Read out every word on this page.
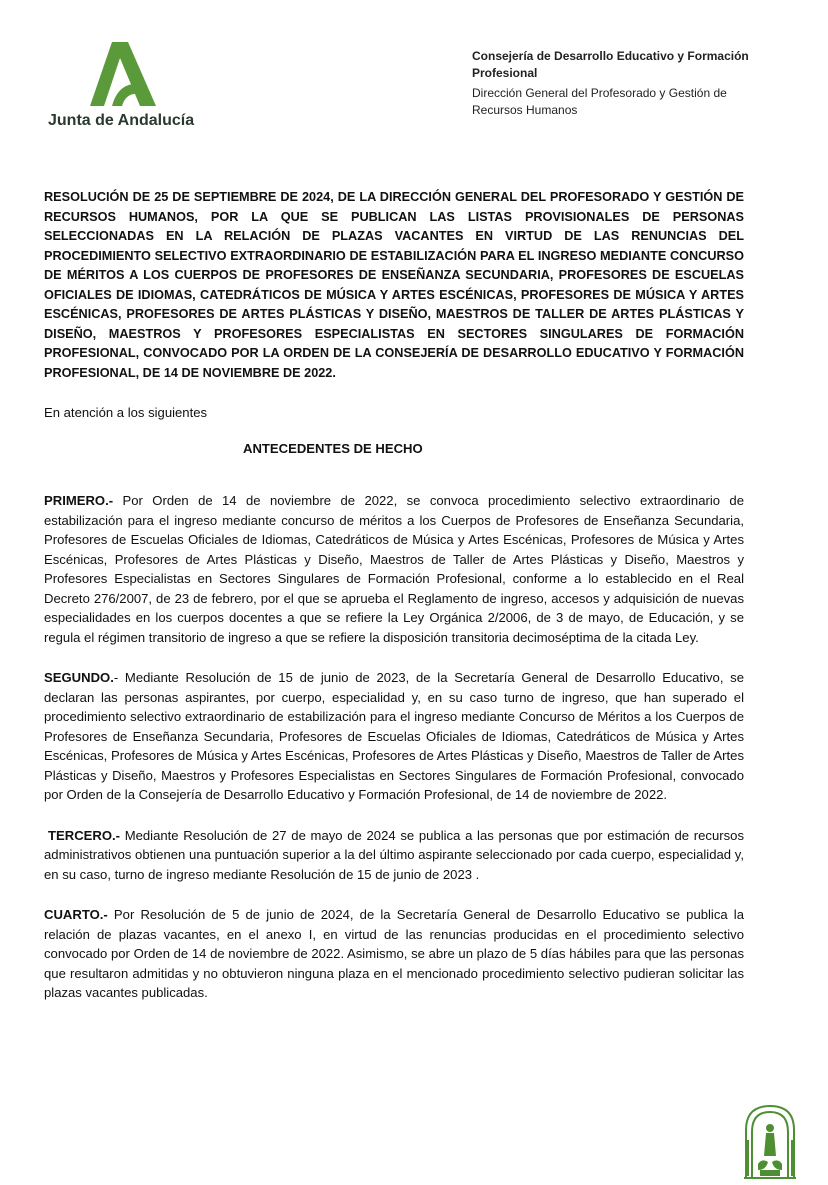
Junta de Andalucía
Consejería de Desarrollo Educativo y Formación Profesional
Dirección General del Profesorado y Gestión de Recursos Humanos

RESOLUCIÓN DE 25 DE SEPTIEMBRE DE 2024, DE LA DIRECCIÓN GENERAL DEL PROFESORADO Y GESTIÓN DE RECURSOS HUMANOS, POR LA QUE SE PUBLICAN LAS LISTAS PROVISIONALES DE PERSONAS SELECCIONADAS EN LA RELACIÓN DE PLAZAS VACANTES EN VIRTUD DE LAS RENUNCIAS DEL PROCEDIMIENTO SELECTIVO EXTRAORDINARIO DE ESTABILIZACIÓN PARA EL INGRESO MEDIANTE CONCURSO DE MÉRITOS A LOS CUERPOS DE PROFESORES DE ENSEÑANZA SECUNDARIA, PROFESORES DE ESCUELAS OFICIALES DE IDIOMAS, CATEDRÁTICOS DE MÚSICA Y ARTES ESCÉNICAS, PROFESORES DE MÚSICA Y ARTES ESCÉNICAS, PROFESORES DE ARTES PLÁSTICAS Y DISEÑO, MAESTROS DE TALLER DE ARTES PLÁSTICAS Y DISEÑO, MAESTROS Y PROFESORES ESPECIALISTAS EN SECTORES SINGULARES DE FORMACIÓN PROFESIONAL, CONVOCADO POR LA ORDEN DE LA CONSEJERÍA DE DESARROLLO EDUCATIVO Y FORMACIÓN PROFESIONAL, DE 14 DE NOVIEMBRE DE 2022.

En atención a los siguientes

ANTECEDENTES DE HECHO

PRIMERO.- Por Orden de 14 de noviembre de 2022, se convoca procedimiento selectivo extraordinario de estabilización para el ingreso mediante concurso de méritos a los Cuerpos de Profesores de Enseñanza Secundaria, Profesores de Escuelas Oficiales de Idiomas, Catedráticos de Música y Artes Escénicas, Profesores de Música y Artes Escénicas, Profesores de Artes Plásticas y Diseño, Maestros de Taller de Artes Plásticas y Diseño, Maestros y Profesores Especialistas en Sectores Singulares de Formación Profesional, conforme a lo establecido en el Real Decreto 276/2007, de 23 de febrero, por el que se aprueba el Reglamento de ingreso, accesos y adquisición de nuevas especialidades en los cuerpos docentes a que se refiere la Ley Orgánica 2/2006, de 3 de mayo, de Educación, y se regula el régimen transitorio de ingreso a que se refiere la disposición transitoria decimoséptima de la citada Ley.

SEGUNDO.- Mediante Resolución de 15 de junio de 2023, de la Secretaría General de Desarrollo Educativo, se declaran las personas aspirantes, por cuerpo, especialidad y, en su caso turno de ingreso, que han superado el procedimiento selectivo extraordinario de estabilización para el ingreso mediante Concurso de Méritos a los Cuerpos de Profesores de Enseñanza Secundaria, Profesores de Escuelas Oficiales de Idiomas, Catedráticos de Música y Artes Escénicas, Profesores de Música y Artes Escénicas, Profesores de Artes Plásticas y Diseño, Maestros de Taller de Artes Plásticas y Diseño, Maestros y Profesores Especialistas en Sectores Singulares de Formación Profesional, convocado por Orden de la Consejería de Desarrollo Educativo y Formación Profesional, de 14 de noviembre de 2022.

TERCERO.- Mediante Resolución de 27 de mayo de 2024 se publica a las personas que por estimación de recursos administrativos obtienen una puntuación superior a la del último aspirante seleccionado por cada cuerpo, especialidad y, en su caso, turno de ingreso mediante Resolución de 15 de junio de 2023 .

CUARTO.- Por Resolución de 5 de junio de 2024, de la Secretaría General de Desarrollo Educativo se publica la relación de plazas vacantes, en el anexo I, en virtud de las renuncias producidas en el procedimiento selectivo convocado por Orden de 14 de noviembre de 2022. Asimismo, se abre un plazo de 5 días hábiles para que las personas que resultaron admitidas y no obtuvieron ninguna plaza en el mencionado procedimiento selectivo pudieran solicitar las plazas vacantes publicadas.
